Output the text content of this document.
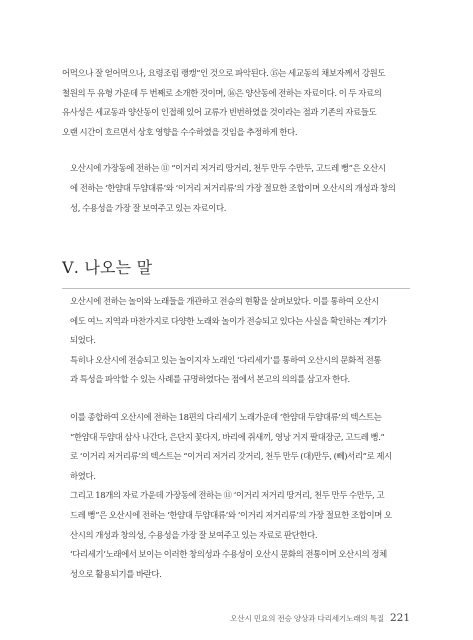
어먹으나 잘 얻어먹으나, 요령조림 랭캥”인 것으로 파악된다. ⑮는 세교동의 채보자께서 강원도
철원의 두 유형 가운데 두 번째로 소개한 것이며, ⑯은 양산동에 전하는 자료이다. 이 두 자료의
유사성은 세교동과 양산동이 인접해 있어 교류가 빈번하였을 것이라는 점과 기존의 자료들도
오랜 시간이 흐르면서 상호 영향을 수수하였을 것임을 추정하게 한다.

오산시에 가장동에 전하는 ⑪ “이거리 저거리 땅거리, 천두 만두 수만두, 고드레 뻥”은 오산시
에 전하는 ‘한얌대 두얌대류’와 ‘이거리 저거리류’의 가장 절묘한 조합이며 오산시의 개성과 창의
성, 수용성을 가장 잘 보여주고 있는 자료이다.

Ⅴ. 나오는 말

오산시에 전하는 놀이와 노래들을 개관하고 전승의 현황을 살펴보았다. 이를 통하여 오산시
에도 여느 지역과 마찬가지로 다양한 노래와 놀이가 전승되고 있다는 사실을 확인하는 계기가
되었다.

특히나 오산시에 전승되고 있는 놀이지자 노래인 ‘다리세기’를 통하여 오산시의 문화적 전통
과 특성을 파악할 수 있는 사례를 규명하였다는 점에서 본고의 의의를 삼고자 한다.

이를 종합하여 오산시에 전하는 18편의 다리세기 노래가운데 ‘한얌대 두얌대류’의 텍스트는
“한얌대 두얌대 삼사 나간다, 은단지 꽃다지, 바리에 쥐새끼, 영낭 거지 팔대장군, 고드레 뻥.”
로 ‘이거리 저거리류’의 텍스트는 “이거리 저거리 갓거리, 천두 만두 (대)만두, (뻬)서리”로 제시
하였다.

그리고 18개의 자료 가운데 가장동에 전하는 ⑪ ‘이거리 저거리 땅거리, 천두 만두 수만두, 고
드레 뻥”은 오산시에 전하는 ‘한얌대 두얌대류’와 ‘이거리 저거리류’의 가장 절묘한 조합이며 오
산시의 개성과 창의성, 수용성을 가장 잘 보여주고 있는 자료로 판단한다.

‘다리세기’노래에서 보이는 이러한 창의성과 수용성이 오산시 문화의 전통이며 오산시의 정체
성으로 활용되기를 바란다.

오산시 민요의 전승 양상과 다리세기노래의 특질 221
